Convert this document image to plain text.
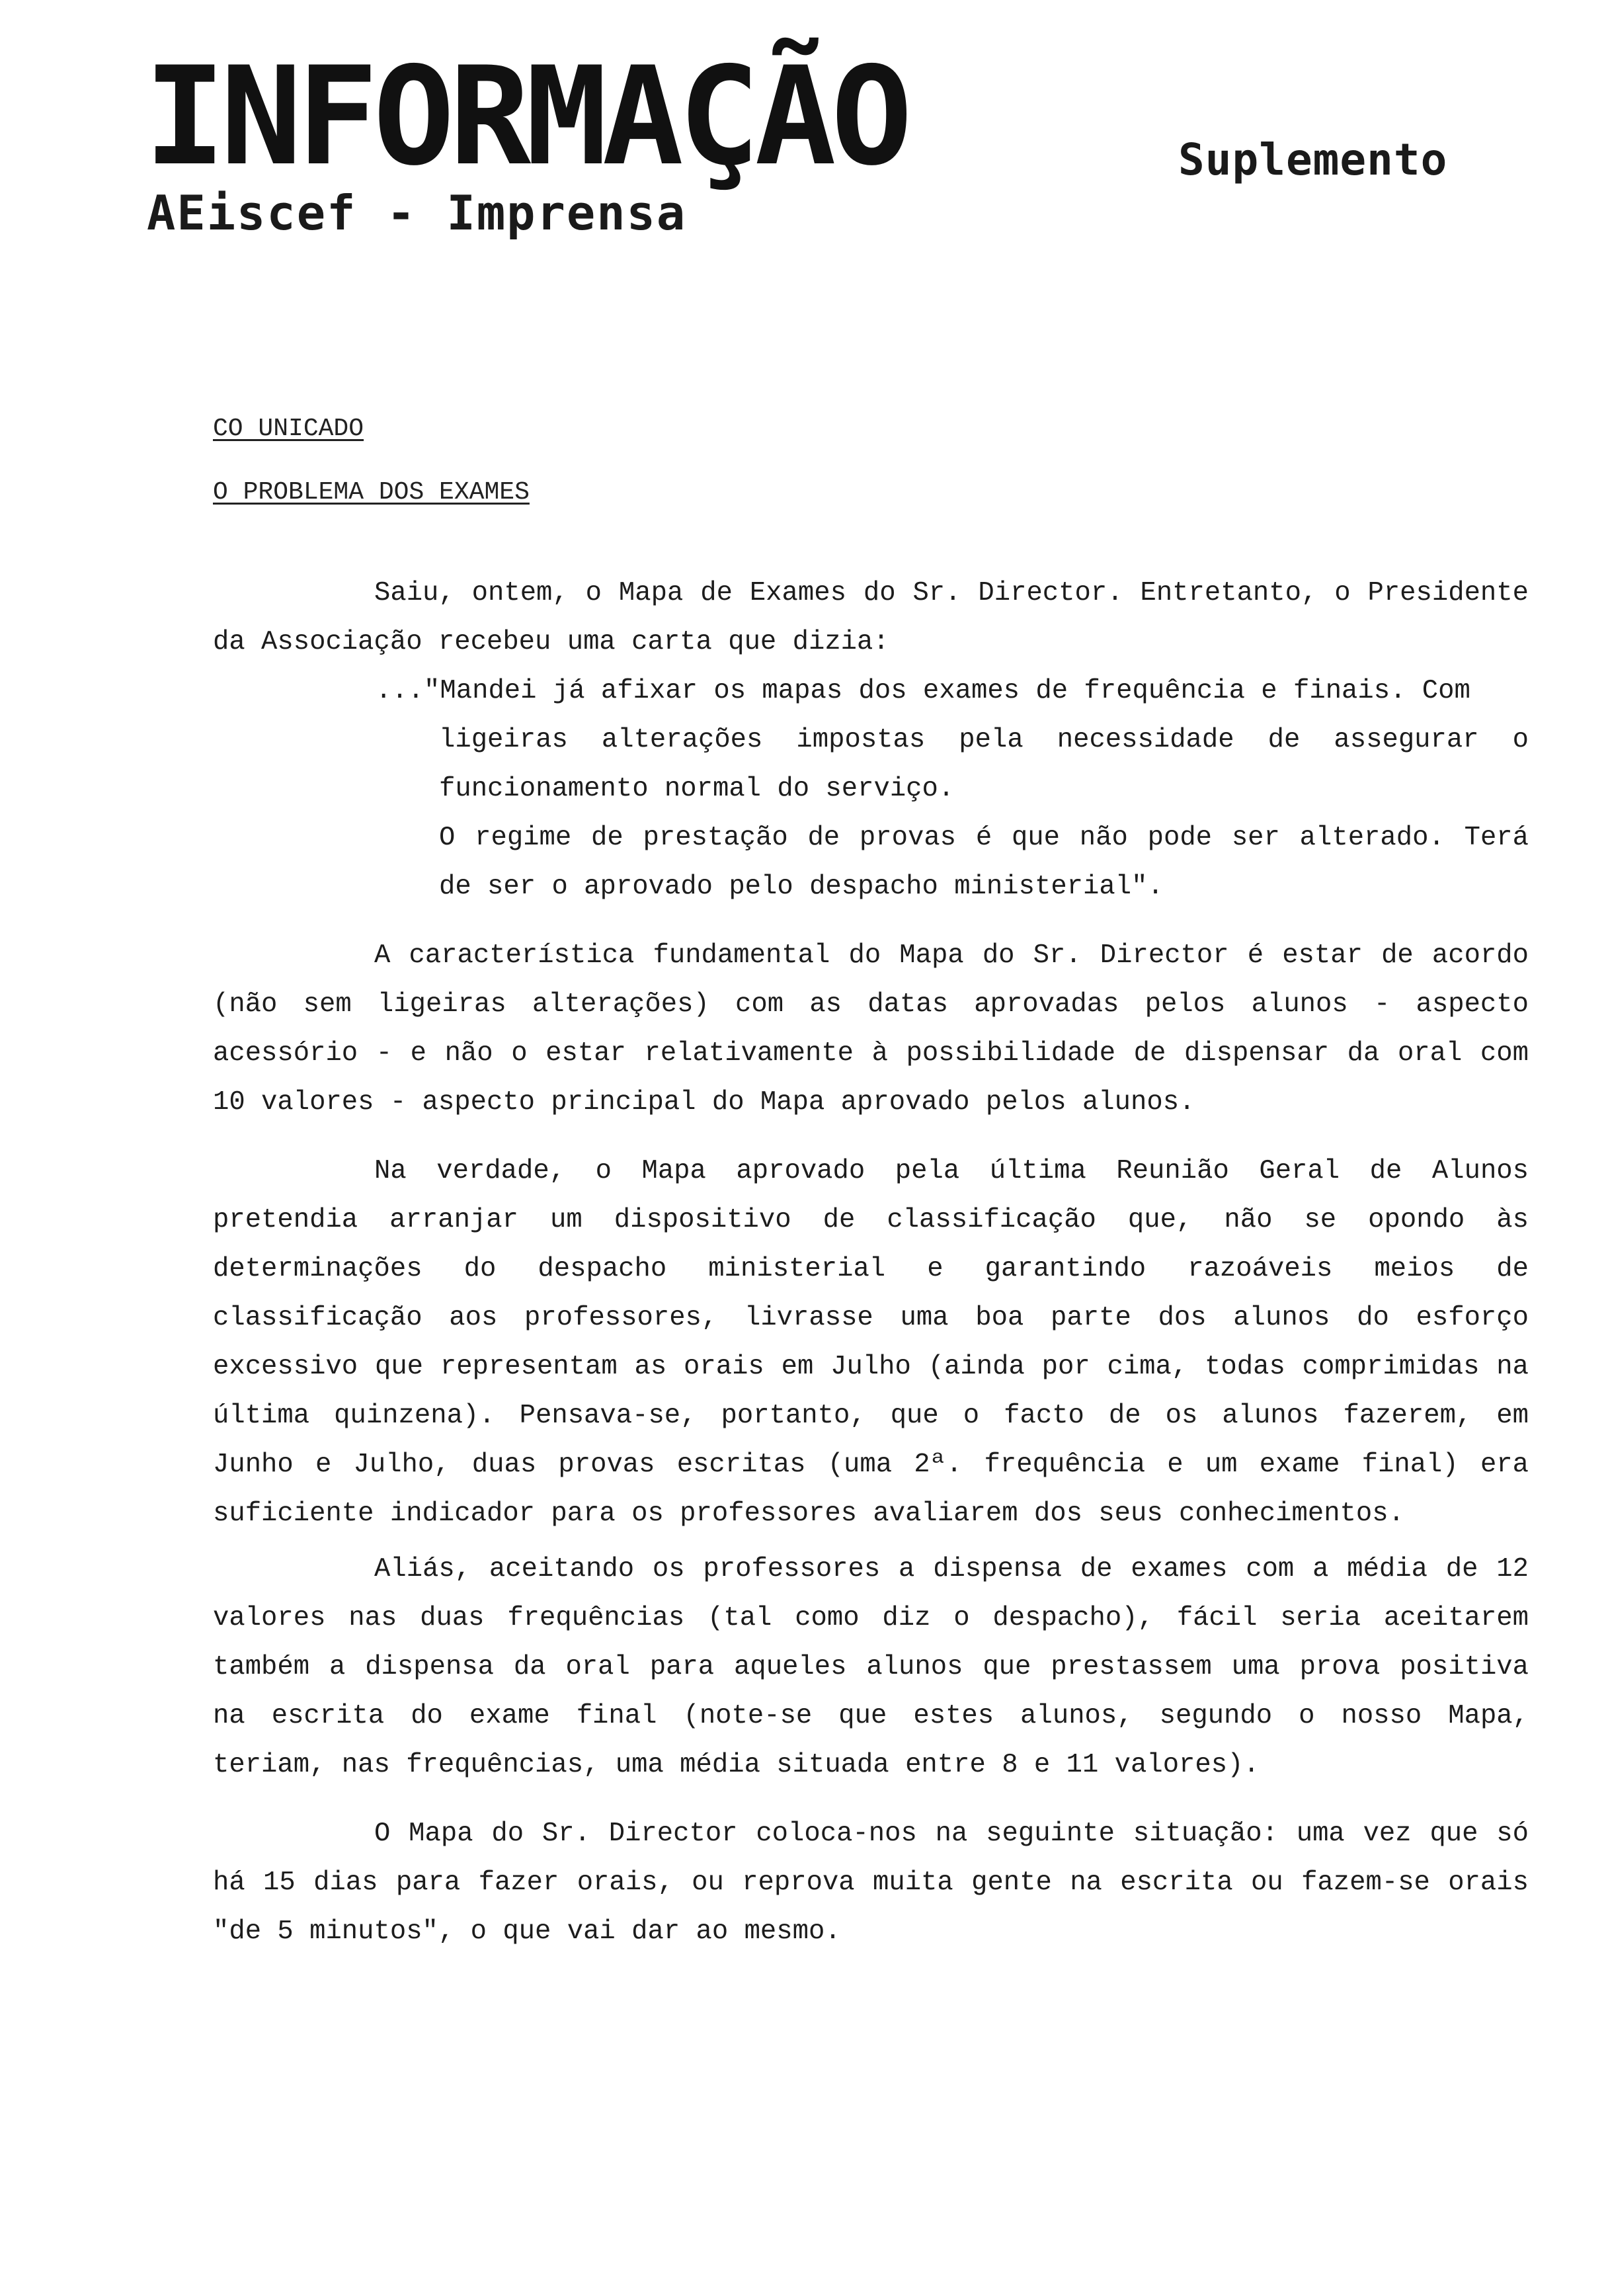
INFORMAÇÃO	Suplemento
AEiscef - Imprensa
CO UNICADO
O PROBLEMA DOS EXAMES

Saiu, ontem, o Mapa de Exames do Sr. Director. Entretanto, o Presidente da Associação recebeu uma carta que dizia:

..."Mandei já afixar os mapas dos exames de frequência e finais. Com

ligeiras alterações impostas pela necessidade de assegurar o funcionamento normal do serviço.

O regime de prestação de provas é que não pode ser alterado. Terá de ser o aprovado pelo despacho ministerial".

A característica fundamental do Mapa do Sr. Director é estar de acordo (não sem ligeiras alterações) com as datas aprovadas pelos alunos - aspecto acessório - e não o estar relativamente à possibilidade de dispensar da oral com 10 valores - aspecto principal do Mapa aprovado pelos alunos.

Na verdade, o Mapa aprovado pela última Reunião Geral de Alunos pretendia arranjar um dispositivo de classificação que, não se opondo às determinações do despacho ministerial e garantindo razoáveis meios de classificação aos professores, livrasse uma boa parte dos alunos do esforço excessivo que representam as orais em Julho (ainda por cima, todas comprimidas na última quinzena). Pensava-se, portanto, que o facto de os alunos fazerem, em Junho e Julho, duas provas escritas (uma 2ª. frequência e um exame final) era suficiente indicador para os professores avaliarem dos seus conhecimentos.

Aliás, aceitando os professores a dispensa de exames com a média de 12 valores nas duas frequências (tal como diz o despacho), fácil seria aceitarem também a dispensa da oral para aqueles alunos que prestassem uma prova positiva na escrita do exame final (note-se que estes alunos, segundo o nosso Mapa, teriam, nas frequências, uma média situada entre 8 e 11 valores).

O Mapa do Sr. Director coloca-nos na seguinte situação: uma vez que só há 15 dias para fazer orais, ou reprova muita gente na escrita ou fazem-se orais "de 5 minutos", o que vai dar ao mesmo.
